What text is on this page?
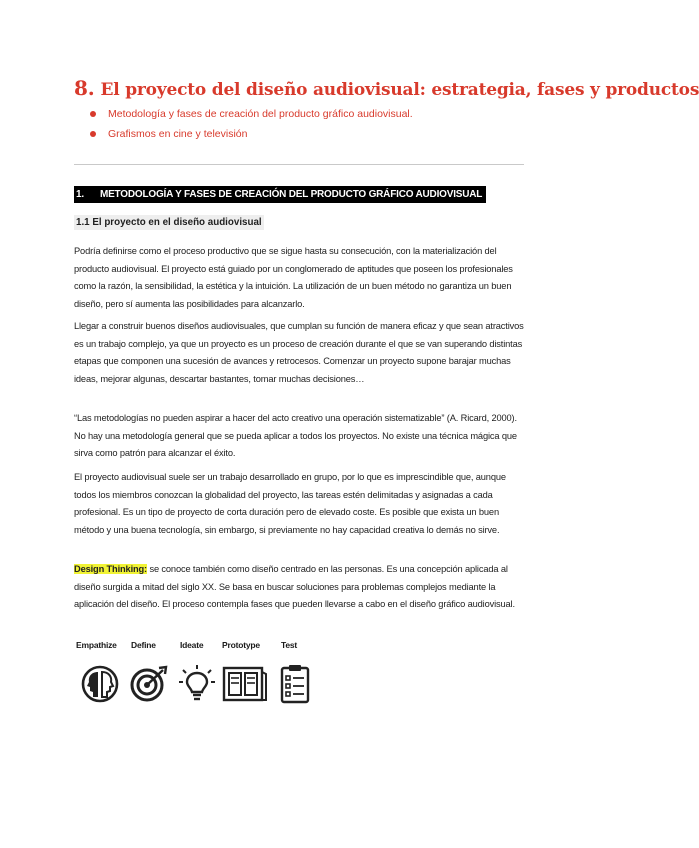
8. El proyecto del diseño audiovisual: estrategia, fases y productos
Metodología y fases de creación del producto gráfico audiovisual.
Grafismos en cine y televisión
1. METODOLOGÍA Y FASES DE CREACIÓN DEL PRODUCTO GRÁFICO AUDIOVISUAL
1.1 El proyecto en el diseño audiovisual

Podría definirse como el proceso productivo que se sigue hasta su consecución, con la materialización del producto audiovisual. El proyecto está guiado por un conglomerado de aptitudes que poseen los profesionales como la razón, la sensibilidad, la estética y la intuición. La utilización de un buen método no garantiza un buen diseño, pero sí aumenta las posibilidades para alcanzarlo.

Llegar a construir buenos diseños audiovisuales, que cumplan su función de manera eficaz y que sean atractivos es un trabajo complejo, ya que un proyecto es un proceso de creación durante el que se van superando distintas etapas que componen una sucesión de avances y retrocesos. Comenzar un proyecto supone barajar muchas ideas, mejorar algunas, descartar bastantes, tomar muchas decisiones…

“Las metodologías no pueden aspirar a hacer del acto creativo una operación sistematizable” (A. Ricard, 2000). No hay una metodología general que se pueda aplicar a todos los proyectos. No existe una técnica mágica que sirva como patrón para alcanzar el éxito.

El proyecto audiovisual suele ser un trabajo desarrollado en grupo, por lo que es imprescindible que, aunque todos los miembros conozcan la globalidad del proyecto, las tareas estén delimitadas y asignadas a cada profesional. Es un tipo de proyecto de corta duración pero de elevado coste. Es posible que exista un buen método y una buena tecnología, sin embargo, si previamente no hay capacidad creativa lo demás no sirve.

Design Thinking: se conoce también como diseño centrado en las personas. Es una concepción aplicada al diseño surgida a mitad del siglo XX. Se basa en buscar soluciones para problemas complejos mediante la aplicación del diseño. El proceso contempla fases que pueden llevarse a cabo en el diseño gráfico audiovisual.

Empathize Define	Ideate Prototype Test
